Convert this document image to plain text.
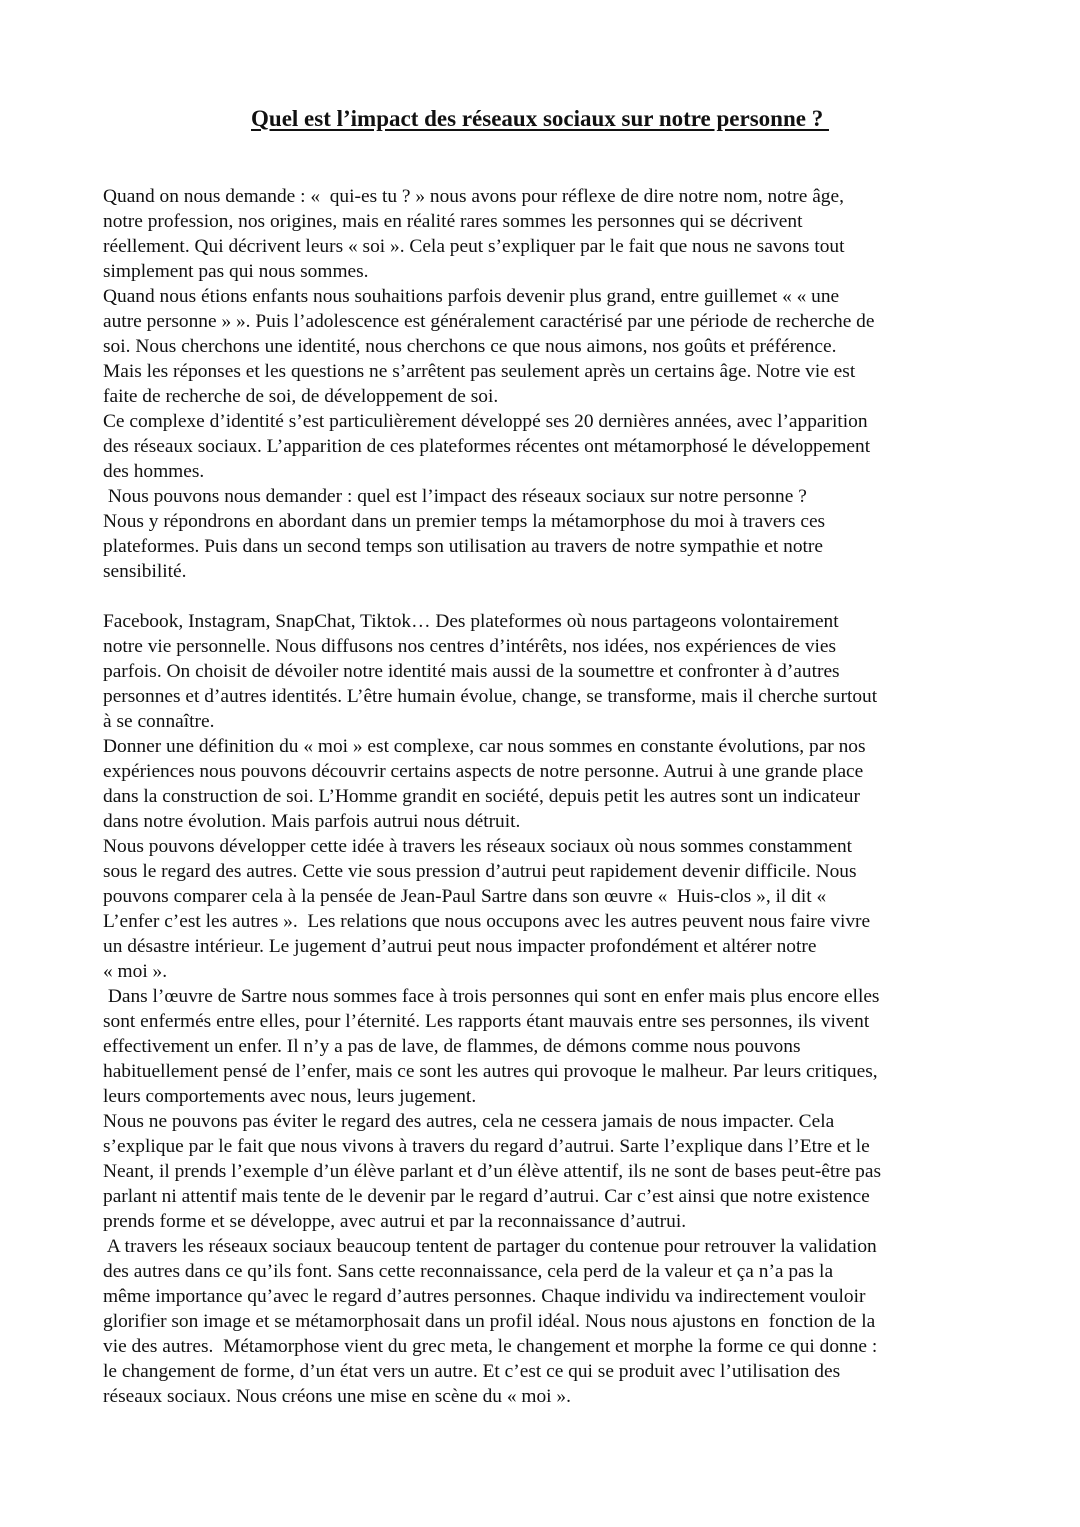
Quel est l’impact des réseaux sociaux sur notre personne ?
Quand on nous demande : «  qui-es tu ? » nous avons pour réflexe de dire notre nom, notre âge,
notre profession, nos origines, mais en réalité rares sommes les personnes qui se décrivent
réellement. Qui décrivent leurs « soi ». Cela peut s’expliquer par le fait que nous ne savons tout
simplement pas qui nous sommes.
Quand nous étions enfants nous souhaitions parfois devenir plus grand, entre guillemet « « une
autre personne » ». Puis l’adolescence est généralement caractérisé par une période de recherche de
soi. Nous cherchons une identité, nous cherchons ce que nous aimons, nos goûts et préférence.
Mais les réponses et les questions ne s’arrêtent pas seulement après un certains âge. Notre vie est
faite de recherche de soi, de développement de soi.
Ce complexe d’identité s’est particulièrement développé ses 20 dernières années, avec l’apparition
des réseaux sociaux. L’apparition de ces plateformes récentes ont métamorphosé le développement
des hommes.
Nous pouvons nous demander : quel est l’impact des réseaux sociaux sur notre personne ?
Nous y répondrons en abordant dans un premier temps la métamorphose du moi à travers ces
plateformes. Puis dans un second temps son utilisation au travers de notre sympathie et notre
sensibilité.
Facebook, Instagram, SnapChat, Tiktok… Des plateformes où nous partageons volontairement
notre vie personnelle. Nous diffusons nos centres d’intérêts, nos idées, nos expériences de vies
parfois. On choisit de dévoiler notre identité mais aussi de la soumettre et confronter à d’autres
personnes et d’autres identités. L’être humain évolue, change, se transforme, mais il cherche surtout
à se connaître.
Donner une définition du « moi » est complexe, car nous sommes en constante évolutions, par nos
expériences nous pouvons découvrir certains aspects de notre personne. Autrui à une grande place
dans la construction de soi. L’Homme grandit en société, depuis petit les autres sont un indicateur
dans notre évolution. Mais parfois autrui nous détruit.
Nous pouvons développer cette idée à travers les réseaux sociaux où nous sommes constamment
sous le regard des autres. Cette vie sous pression d’autrui peut rapidement devenir difficile. Nous
pouvons comparer cela à la pensée de Jean-Paul Sartre dans son œuvre «  Huis-clos », il dit «
L’enfer c’est les autres ».  Les relations que nous occupons avec les autres peuvent nous faire vivre
un désastre intérieur. Le jugement d’autrui peut nous impacter profondément et altérer notre
« moi ».
Dans l’œuvre de Sartre nous sommes face à trois personnes qui sont en enfer mais plus encore elles
sont enfermés entre elles, pour l’éternité. Les rapports étant mauvais entre ses personnes, ils vivent
effectivement un enfer. Il n’y a pas de lave, de flammes, de démons comme nous pouvons
habituellement pensé de l’enfer, mais ce sont les autres qui provoque le malheur. Par leurs critiques,
leurs comportements avec nous, leurs jugement.
Nous ne pouvons pas éviter le regard des autres, cela ne cessera jamais de nous impacter. Cela
s’explique par le fait que nous vivons à travers du regard d’autrui. Sarte l’explique dans l’Etre et le
Neant, il prends l’exemple d’un élève parlant et d’un élève attentif, ils ne sont de bases peut-être pas
parlant ni attentif mais tente de le devenir par le regard d’autrui. Car c’est ainsi que notre existence
prends forme et se développe, avec autrui et par la reconnaissance d’autrui.
A travers les réseaux sociaux beaucoup tentent de partager du contenue pour retrouver la validation
des autres dans ce qu’ils font. Sans cette reconnaissance, cela perd de la valeur et ça n’a pas la
même importance qu’avec le regard d’autres personnes. Chaque individu va indirectement vouloir
glorifier son image et se métamorphosait dans un profil idéal. Nous nous ajustons en  fonction de la
vie des autres.  Métamorphose vient du grec meta, le changement et morphe la forme ce qui donne :
le changement de forme, d’un état vers un autre. Et c’est ce qui se produit avec l’utilisation des
réseaux sociaux. Nous créons une mise en scène du « moi ».
